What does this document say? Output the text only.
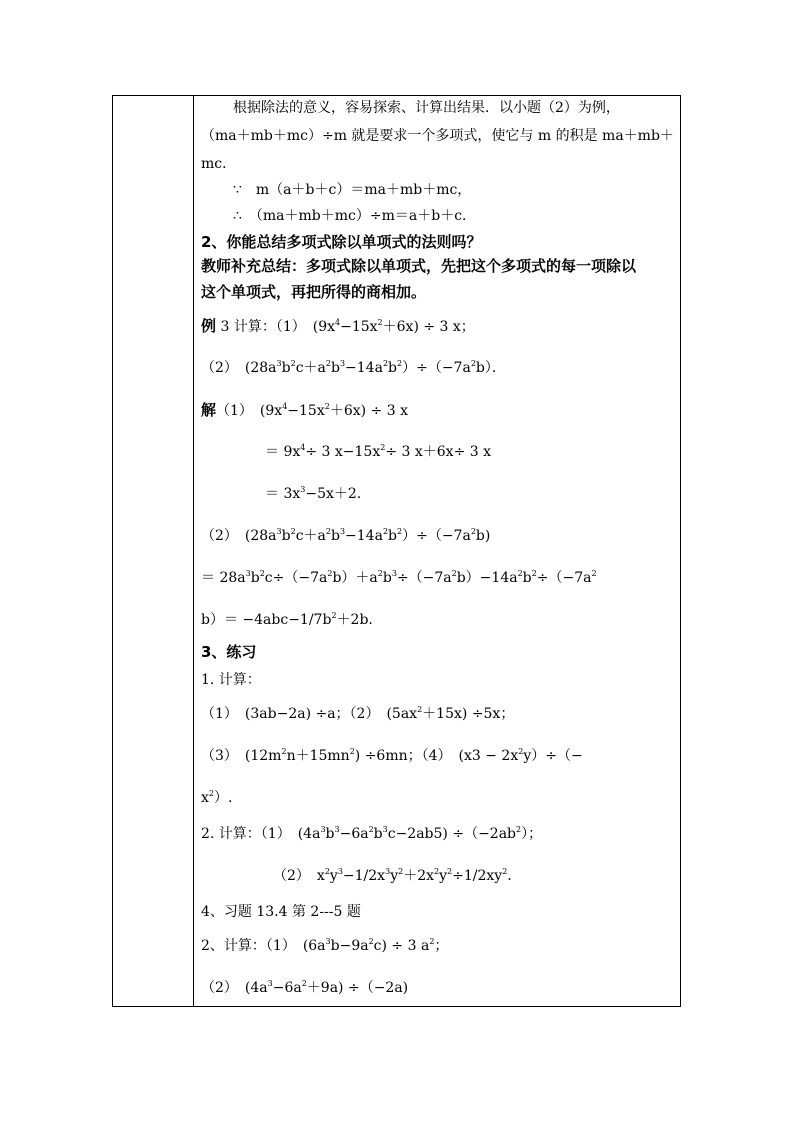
根据除法的意义，容易探索、计算出结果．以小题（2）为例，
（ma＋mb＋mc）÷m 就是要求一个多项式，使它与 m 的积是 ma＋mb＋
mc．
∵　m（a＋b＋c）＝ma＋mb＋mc，
∴　（ma＋mb＋mc）÷m＝a＋b＋c．
2、你能总结多项式除以单项式的法则吗？
教师补充总结：多项式除以单项式，先把这个多项式的每一项除以
这个单项式，再把所得的商相加。
例 3 计算：（1）　$(9x^4-15x^2+6x) \div 3$ x；
（2）　$(28a^3b^2c+a^2b^3-14a^2b^2)\div(-7a^2b)$．
解（1）　$(9x^4-15x^2+6x) \div 3$ x
＝ $9x^4\div 3$ $x-15x^2\div 3$ x＋6x÷ 3 x
＝ $3x^3-5x+2$.
（2）　$(28a^3b^2c+a^2b^3-14a^2b^2)\div(-7a^2b)$
＝ $28a^3b^2c\div(-7a^2b)+a^2b^3\div(-7a^2b)-14a^2b^2\div(-7a^2$
$b)= -4abc-1/7b^2+2b$.
3、练习
1. 计算：
（1）　(3ab−2a) ÷a；（2）　$(5ax^2+15x) \div 5x$；
（3）　$(12m^2n+15mn^2) \div 6mn$；（4）　$(x3 - 2x^2y)\div(-$
$x^2$）.
2. 计算：（1）　$(4a^3b^3-6a^2b^3c-2ab5) \div(-2ab^2)$；
（2）　$x^2y^3-1/2x^3y^2+2x^2y^2\div 1/2xy^2$.
4、习题 13.4 第 2---5 题
2、计算：（1）　$(6a^3b-9a^2c) \div 3$ $a^2$；
（2）　$(4a^3-6a^2+9a) \div(-2a)$
